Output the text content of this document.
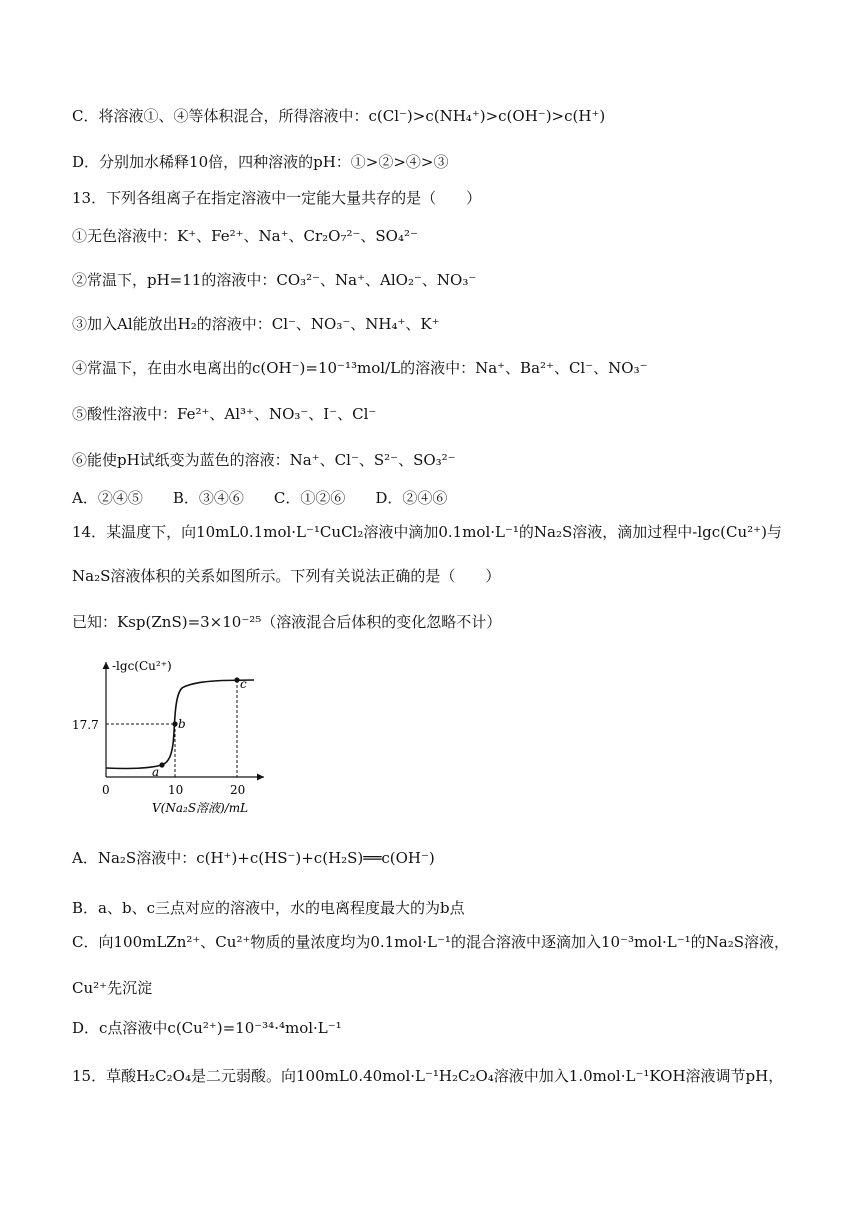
C．将溶液①、④等体积混合，所得溶液中：c(Cl⁻)>c(NH₄⁺)>c(OH⁻)>c(H⁺)
D．分别加水稀释10倍，四种溶液的pH：①>②>④>③
13．下列各组离子在指定溶液中一定能大量共存的是（　　）
①无色溶液中：K⁺、Fe²⁺、Na⁺、Cr₂O₇²⁻、SO₄²⁻
②常温下，pH=11的溶液中：CO₃²⁻、Na⁺、AlO₂⁻、NO₃⁻
③加入Al能放出H₂的溶液中：Cl⁻、NO₃⁻、NH₄⁺、K⁺
④常温下，在由水电离出的c(OH⁻)=10⁻¹³mol/L的溶液中：Na⁺、Ba²⁺、Cl⁻、NO₃⁻
⑤酸性溶液中：Fe²⁺、Al³⁺、NO₃⁻、I⁻、Cl⁻
⑥能使pH试纸变为蓝色的溶液：Na⁺、Cl⁻、S²⁻、SO₃²⁻
A．②④⑤　　B．③④⑥　　C．①②⑥　　D．②④⑥
14．某温度下，向10mL0.1mol·L⁻¹CuCl₂溶液中滴加0.1mol·L⁻¹的Na₂S溶液，滴加过程中-lgc(Cu²⁺)与
Na₂S溶液体积的关系如图所示。下列有关说法正确的是（　　）
已知：Ksp(ZnS)=3×10⁻²⁵（溶液混合后体积的变化忽略不计）
a
b
c
-lgc(Cu²⁺)
17.7
0	10	20
V(Na₂S溶液)/mL
A．Na₂S溶液中：c(H⁺)+c(HS⁻)+c(H₂S)══c(OH⁻)
B．a、b、c三点对应的溶液中，水的电离程度最大的为b点
C．向100mLZn²⁺、Cu²⁺物质的量浓度均为0.1mol·L⁻¹的混合溶液中逐滴加入10⁻³mol·L⁻¹的Na₂S溶液，
Cu²⁺先沉淀
D．c点溶液中c(Cu²⁺)=10⁻³⁴·⁴mol·L⁻¹
15．草酸H₂C₂O₄是二元弱酸。向100mL0.40mol·L⁻¹H₂C₂O₄溶液中加入1.0mol·L⁻¹KOH溶液调节pH，
